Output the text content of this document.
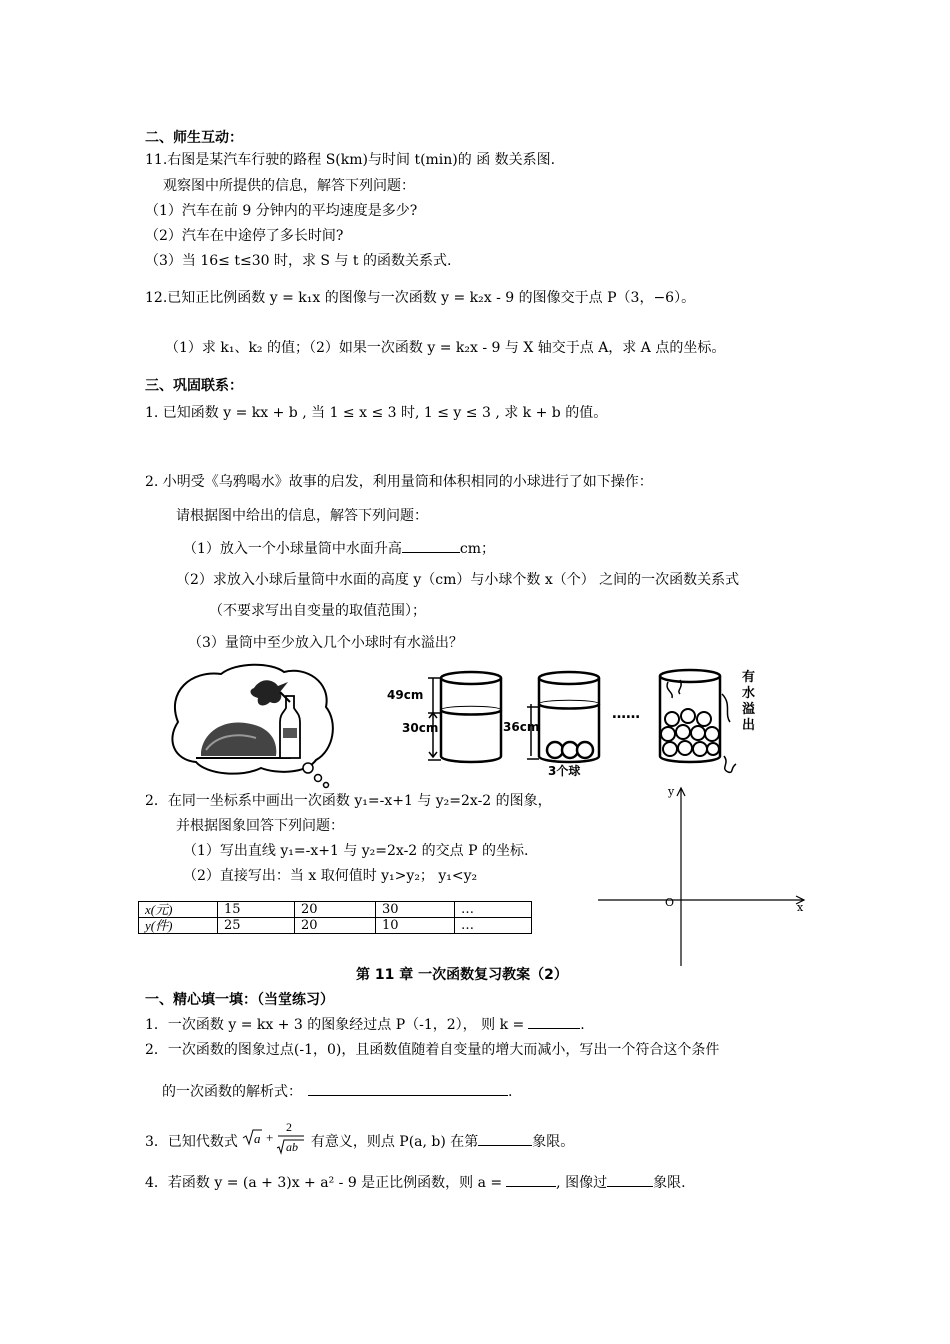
二、师生互动：
11.右图是某汽车行驶的路程 S(km)与时间 t(min)的 函 数关系图.
观察图中所提供的信息，解答下列问题：
（1）汽车在前 9 分钟内的平均速度是多少?
（2）汽车在中途停了多长时间?
（3）当 16≤ t≤30 时，求 S 与 t 的函数关系式.
12.已知正比例函数 y = k₁x 的图像与一次函数 y = k₂x - 9 的图像交于点 P（3，−6）。
（1）求 k₁、k₂ 的值；（2）如果一次函数 y = k₂x - 9 与 X 轴交于点 A，求 A 点的坐标。
三、巩固联系：
1. 已知函数 y = kx + b , 当 1 ≤ x ≤ 3 时, 1 ≤ y ≤ 3 , 求 k + b 的值。
2. 小明受《乌鸦喝水》故事的启发，利用量筒和体积相同的小球进行了如下操作：
请根据图中给出的信息，解答下列问题：
（1）放入一个小球量筒中水面升高	cm；
（2）求放入小球后量筒中水面的高度 y（cm）与小球个数 x（个） 之间的一次函数关系式
（不要求写出自变量的取值范围）；
（3）量筒中至少放入几个小球时有水溢出？
49cm
30cm	36cm
3个球
……
有
水
溢
出
2．在同一坐标系中画出一次函数 y₁=-x+1 与 y₂=2x-2 的图象，
并根据图象回答下列问题：
（1）写出直线 y₁=-x+1 与 y₂=2x-2 的交点 P 的坐标.
（2）直接写出：当 x 取何值时 y₁>y₂； y₁<y₂
y
x
O
x(元)	15	20	30	…
y(件)	25	20	10	…
第 11 章 一次函数复习教案（2）
一、精心填一填：（当堂练习）
1．一次函数 y = kx + 3 的图象经过点 P（-1，2）， 则 k =	.
2．一次函数的图象过点(-1，0)，且函数值随着自变量的增大而减小，写出一个符合这个条件
的一次函数的解析式：	.
3．已知代数式 a +
2
ab 有意义，则点 P(a, b) 在第	象限。
4．若函数 y = (a + 3)x + a² - 9 是正比例函数，则 a =	, 图像过	象限.
